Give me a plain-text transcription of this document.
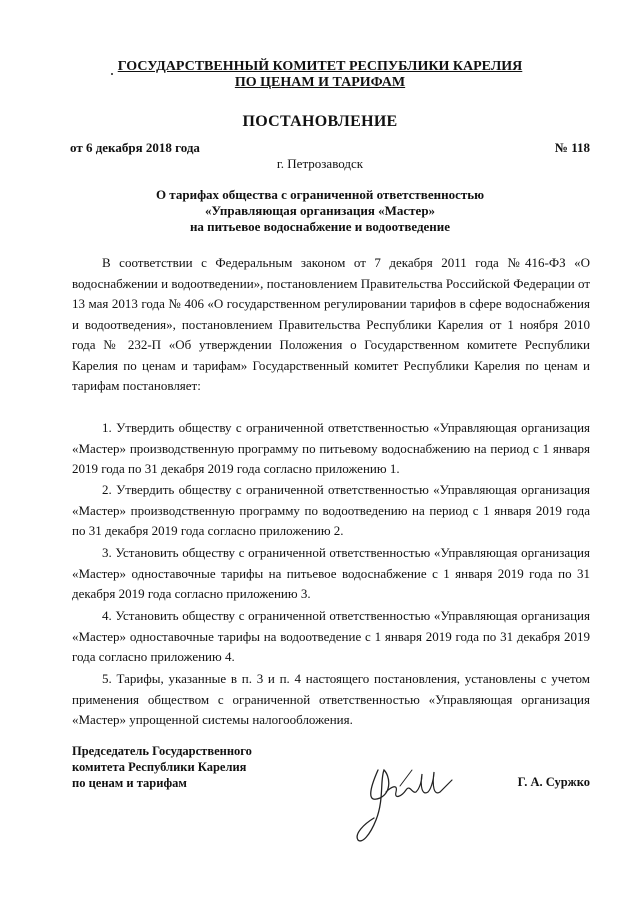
ГОСУДАРСТВЕННЫЙ КОМИТЕТ РЕСПУБЛИКИ КАРЕЛИЯ
ПО ЦЕНАМ И ТАРИФАМ
ПОСТАНОВЛЕНИЕ
от 6 декабря 2018 года	№ 118
г. Петрозаводск
О тарифах общества с ограниченной ответственностью
«Управляющая организация «Мастер»
на питьевое водоснабжение и водоотведение

В соответствии с Федеральным законом от 7 декабря 2011 года №416-ФЗ «О водоснабжении и водоотведении», постановлением Правительства Российской Федерации от 13 мая 2013 года № 406 «О государственном регулировании тарифов в сфере водоснабжения и водоотведения», постановлением Правительства Республики Карелия от 1 ноября 2010 года № 232-П «Об утверждении Положения о Государственном комитете Республики Карелия по ценам и тарифам» Государственный комитет Республики Карелия по ценам и тарифам постановляет:

1. Утвердить обществу с ограниченной ответственностью «Управляющая организация «Мастер» производственную программу по питьевому водоснабжению на период с 1 января 2019 года по 31 декабря 2019 года согласно приложению 1.

2. Утвердить обществу с ограниченной ответственностью «Управляющая организация «Мастер» производственную программу по водоотведению на период с 1 января 2019 года по 31 декабря 2019 года согласно приложению 2.

3. Установить обществу с ограниченной ответственностью «Управляющая организация «Мастер» одноставочные тарифы на питьевое водоснабжение с 1 января 2019 года по 31 декабря 2019 года согласно приложению 3.

4. Установить обществу с ограниченной ответственностью «Управляющая организация «Мастер» одноставочные тарифы на водоотведение с 1 января 2019 года по 31 декабря 2019 года согласно приложению 4.

5. Тарифы, указанные в п. 3 и п. 4 настоящего постановления, установлены с учетом применения обществом с ограниченной ответственностью «Управляющая организация «Мастер» упрощенной системы налогообложения.

Председатель Государственного
комитета Республики Карелия
по ценам и тарифам	Г. А. Суржко
